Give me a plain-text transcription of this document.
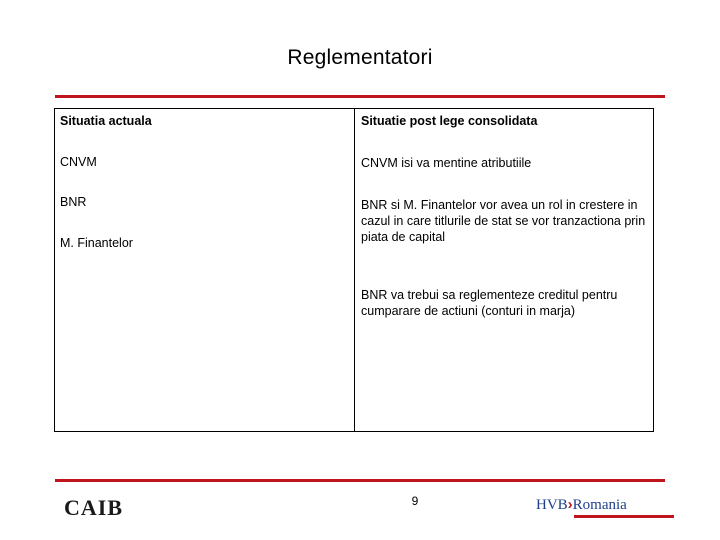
Reglementatori
Situatia actuala	Situatie post lege consolidata
CNVM
BNR
M. Finantelor
CNVM isi va mentine atributiile
BNR si M. Finantelor vor avea un rol in crestere in cazul in care titlurile de stat se vor tranzactiona prin piata de capital
BNR va trebui sa reglementeze creditul pentru cumparare de actiuni (conturi in marja)
9
CAIB	HVB›Romania
